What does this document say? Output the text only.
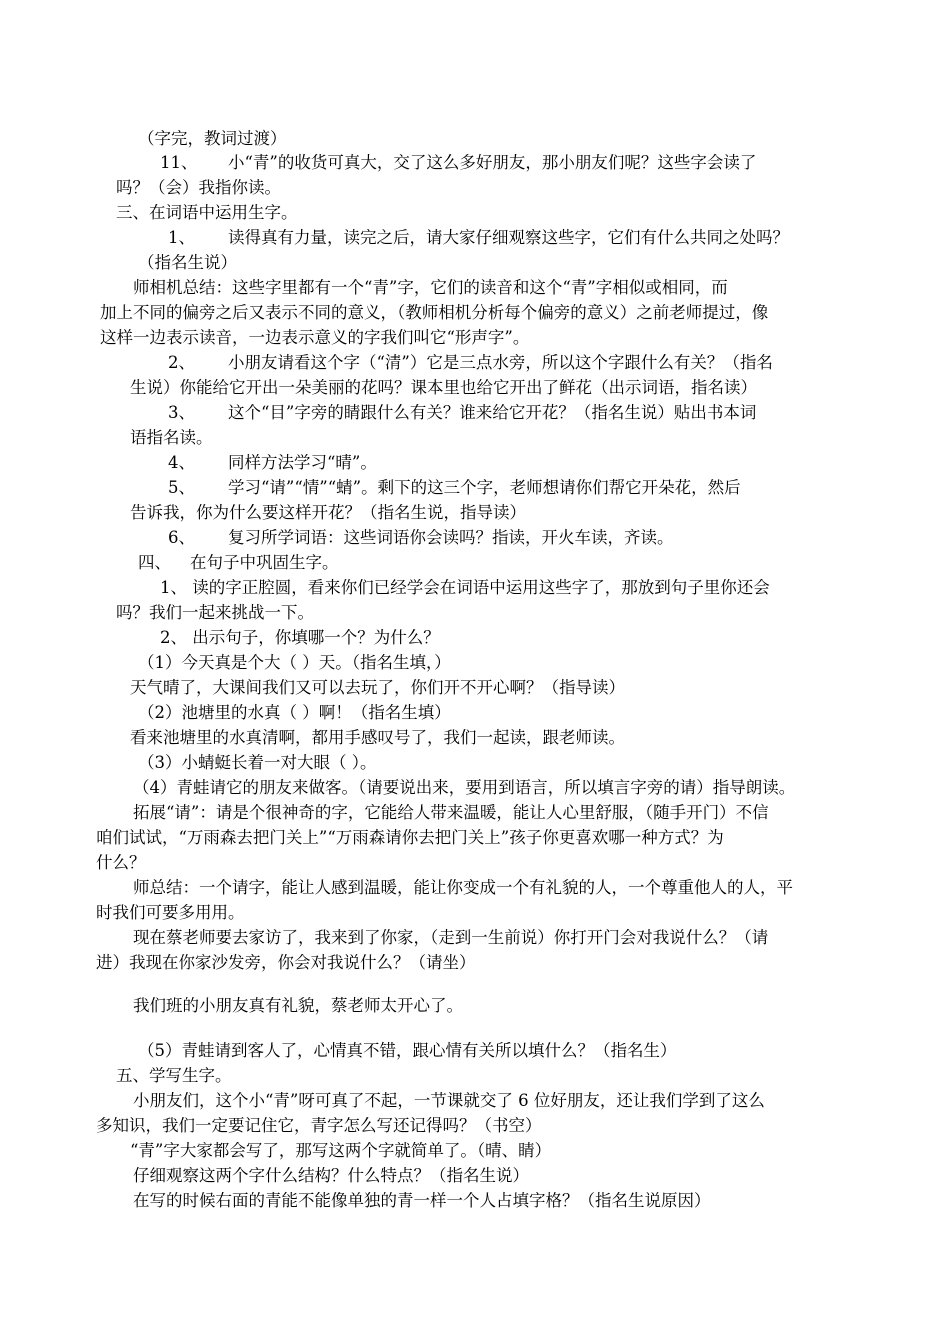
（字完，教词过渡）
11、 小“青”的收货可真大，交了这么多好朋友，那小朋友们呢？这些字会读了
吗？（会）我指你读。
三、在词语中运用生字。
1、 读得真有力量，读完之后，请大家仔细观察这些字，它们有什么共同之处吗？
（指名生说）
师相机总结：这些字里都有一个“青”字，它们的读音和这个“青”字相似或相同，而
加上不同的偏旁之后又表示不同的意义，（教师相机分析每个偏旁的意义）之前老师提过，像
这样一边表示读音，一边表示意义的字我们叫它“形声字”。
2、 小朋友请看这个字（“清”）它是三点水旁，所以这个字跟什么有关？（指名
生说）你能给它开出一朵美丽的花吗？课本里也给它开出了鲜花（出示词语，指名读）
3、 这个“目”字旁的睛跟什么有关？谁来给它开花？（指名生说）贴出书本词
语指名读。
4、 同样方法学习“晴”。
5、 学习“请”“情”“蜻”。剩下的这三个字，老师想请你们帮它开朵花，然后
告诉我，你为什么要这样开花？（指名生说，指导读）
6、 复习所学词语：这些词语你会读吗？指读，开火车读，齐读。
四、 在句子中巩固生字。
1、 读的字正腔圆，看来你们已经学会在词语中运用这些字了，那放到句子里你还会
吗？我们一起来挑战一下。
2、 出示句子，你填哪一个？为什么？
（1）今天真是个大（ ）天。（指名生填，）
天气晴了，大课间我们又可以去玩了，你们开不开心啊？（指导读）
（2）池塘里的水真（ ）啊！（指名生填）
看来池塘里的水真清啊，都用手感叹号了，我们一起读，跟老师读。
（3）小蜻蜓长着一对大眼（ ）。
（4）青蛙请它的朋友来做客。（请要说出来，要用到语言，所以填言字旁的请）指导朗读。
拓展“请”：请是个很神奇的字，它能给人带来温暖，能让人心里舒服，（随手开门）不信
咱们试试，“万雨森去把门关上”“万雨森请你去把门关上”孩子你更喜欢哪一种方式？为
什么？
师总结：一个请字，能让人感到温暖，能让你变成一个有礼貌的人，一个尊重他人的人，平
时我们可要多用用。
现在蔡老师要去家访了，我来到了你家，（走到一生前说）你打开门会对我说什么？（请
进）我现在你家沙发旁，你会对我说什么？（请坐）
我们班的小朋友真有礼貌，蔡老师太开心了。
（5）青蛙请到客人了，心情真不错，跟心情有关所以填什么？（指名生）
五、学写生字。
小朋友们，这个小“青”呀可真了不起，一节课就交了 6 位好朋友，还让我们学到了这么
多知识，我们一定要记住它，青字怎么写还记得吗？（书空）
“青”字大家都会写了，那写这两个字就简单了。（晴、睛）
仔细观察这两个字什么结构？什么特点？（指名生说）
在写的时候右面的青能不能像单独的青一样一个人占填字格？（指名生说原因）
